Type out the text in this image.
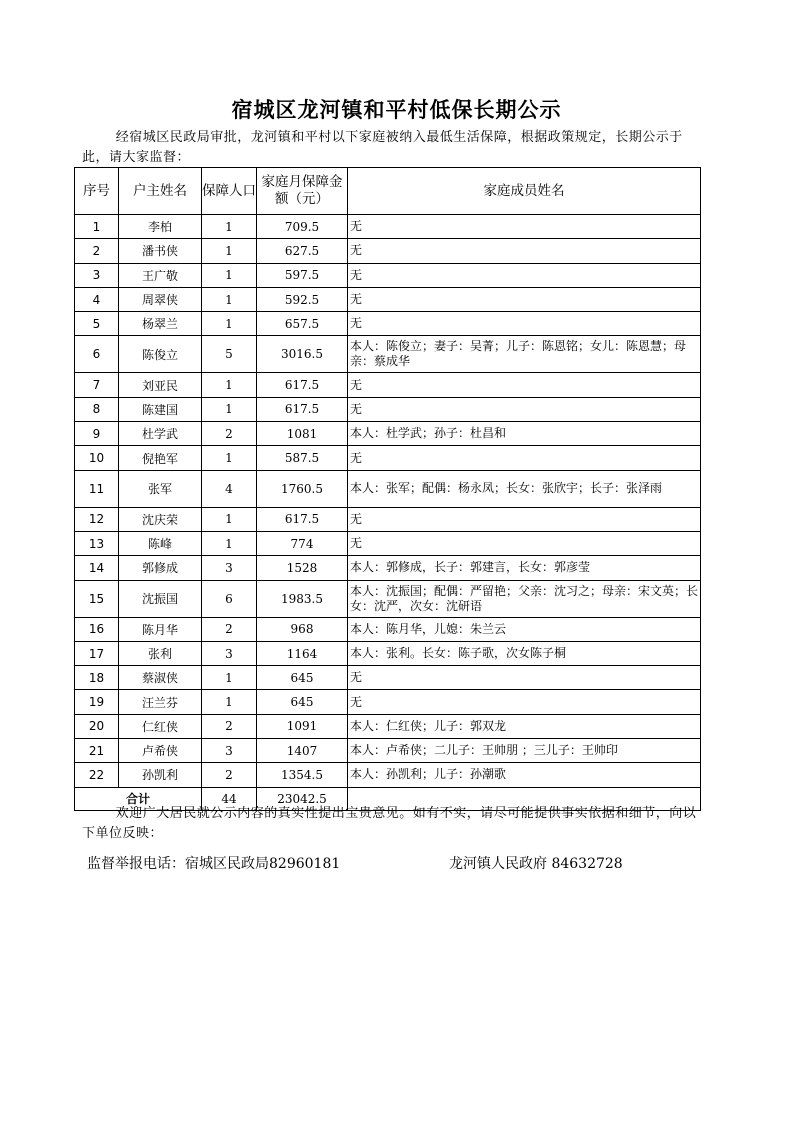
宿城区龙河镇和平村低保长期公示
经宿城区民政局审批，龙河镇和平村以下家庭被纳入最低生活保障，根据政策规定，长期公示于此，请大家监督：
序号	户主姓名	保障人口	家庭月保障金额（元）	家庭成员姓名
1	李柏	1	709.5	无
2	潘书侠	1	627.5	无
3	王广敬	1	597.5	无
4	周翠侠	1	592.5	无
5	杨翠兰	1	657.5	无
6	陈俊立	5	3016.5	本人：陈俊立；妻子：吴菁；儿子：陈恩铭；女儿：陈恩慧；母亲：蔡成华
7	刘亚民	1	617.5	无
8	陈建国	1	617.5	无
9	杜学武	2	1081	本人：杜学武；孙子：杜昌和
10	倪艳军	1	587.5	无
11	张军	4	1760.5	本人：张军；配偶：杨永凤；长女：张欣宇；长子：张泽雨
12	沈庆荣	1	617.5	无
13	陈峰	1	774	无
14	郭修成	3	1528	本人：郭修成，长子：郭建言，长女：郭彦莹
15	沈振国	6	1983.5	本人：沈振国；配偶：严留艳；父亲：沈习之；母亲：宋文英；长女：沈严，次女：沈研语
16	陈月华	2	968	本人：陈月华，儿媳：朱兰云
17	张利	3	1164	本人：张利。长女：陈子歌，次女陈子桐
18	蔡淑侠	1	645	无
19	汪兰芬	1	645	无
20	仁红侠	2	1091	本人：仁红侠；儿子：郭双龙
21	卢希侠	3	1407	本人：卢希侠；二儿子：王帅朋 ；三儿子：王帅印
22	孙凯利	2	1354.5	本人：孙凯利；儿子：孙潮歌
合计		44	23042.5	
欢迎广大居民就公示内容的真实性提出宝贵意见。如有不实，请尽可能提供事实依据和细节，向以下单位反映：
监督举报电话：宿城区民政局82960181	龙河镇人民政府 84632728
